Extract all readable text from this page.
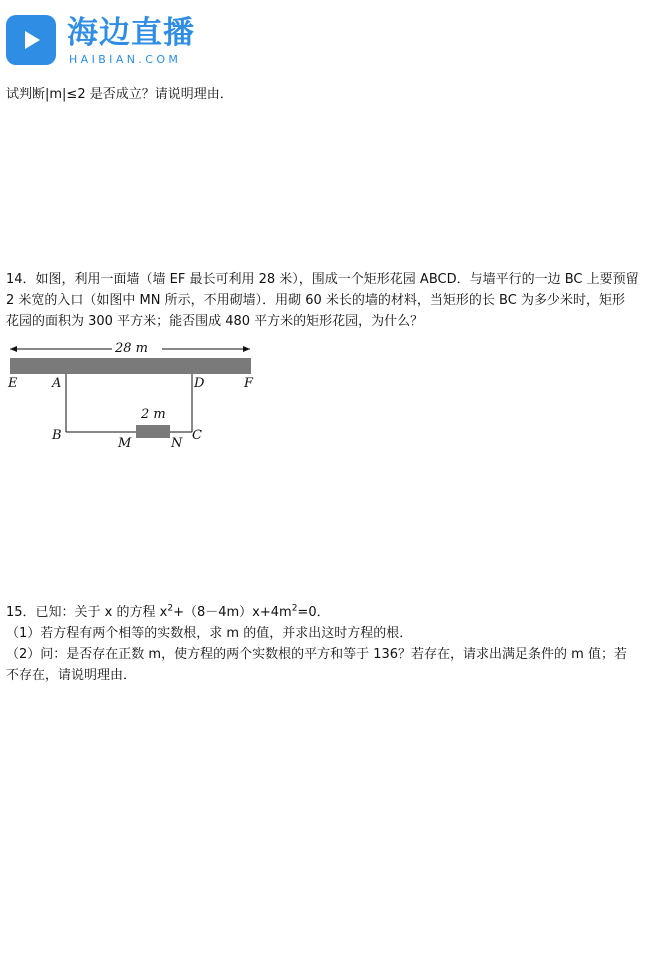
海边直播
HAIBIAN.COM
试判断|m|≤2 是否成立？请说明理由．
14．如图，利用一面墙（墙 EF 最长可利用 28 米），围成一个矩形花园 ABCD．与墙平行的一边 BC 上要预留
2 米宽的入口（如图中 MN 所示，不用砌墙）．用砌 60 米长的墙的材料，当矩形的长 BC 为多少米时，矩形
花园的面积为 300 平方米；能否围成 480 平方米的矩形花园，为什么？
28 m
2 m
E	A	D	F
B
M	N
C
15．已知：关于 x 的方程 $x^2+(8-4m)x+4m^2=0$．
（1）若方程有两个相等的实数根，求 m 的值，并求出这时方程的根．
（2）问：是否存在正数 m，使方程的两个实数根的平方和等于 136？若存在，请求出满足条件的 m 值；若
不存在，请说明理由．
